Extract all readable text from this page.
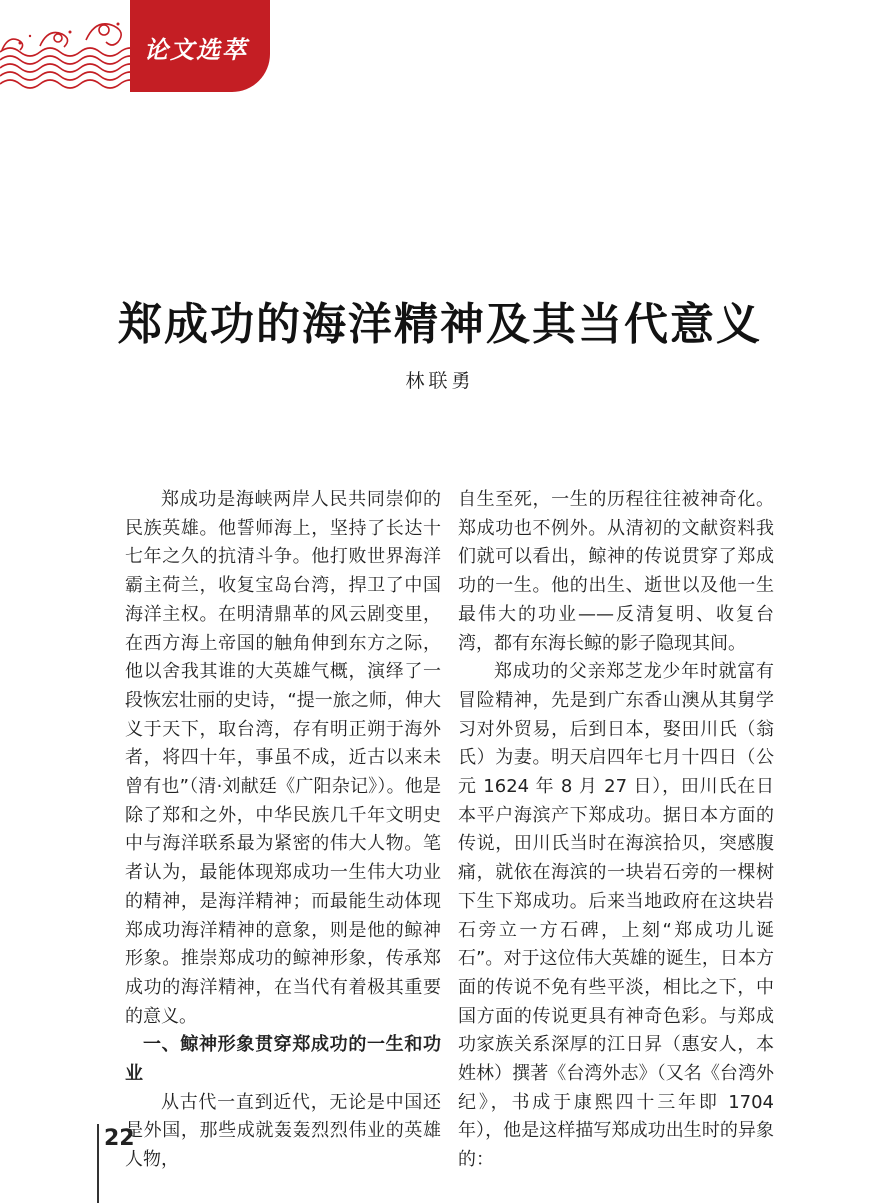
论文选萃
郑成功的海洋精神及其当代意义
林联勇

郑成功是海峡两岸人民共同崇仰的民族英雄。他誓师海上，坚持了长达十七年之久的抗清斗争。他打败世界海洋霸主荷兰，收复宝岛台湾，捍卫了中国海洋主权。在明清鼎革的风云剧变里，在西方海上帝国的触角伸到东方之际，他以舍我其谁的大英雄气概，演绎了一段恢宏壮丽的史诗，“提一旅之师，伸大义于天下，取台湾，存有明正朔于海外者，将四十年，事虽不成，近古以来未曾有也”（清·刘献廷《广阳杂记》）。他是除了郑和之外，中华民族几千年文明史中与海洋联系最为紧密的伟大人物。笔者认为，最能体现郑成功一生伟大功业的精神，是海洋精神；而最能生动体现郑成功海洋精神的意象，则是他的鲸神形象。推崇郑成功的鲸神形象，传承郑成功的海洋精神，在当代有着极其重要的意义。

一、鲸神形象贯穿郑成功的一生和功业

从古代一直到近代，无论是中国还是外国，那些成就轰轰烈烈伟业的英雄人物，

自生至死，一生的历程往往被神奇化。郑成功也不例外。从清初的文献资料我们就可以看出，鲸神的传说贯穿了郑成功的一生。他的出生、逝世以及他一生最伟大的功业——反清复明、收复台湾，都有东海长鲸的影子隐现其间。

郑成功的父亲郑芝龙少年时就富有冒险精神，先是到广东香山澳从其舅学习对外贸易，后到日本，娶田川氏（翁氏）为妻。明天启四年七月十四日（公元 1624 年 8 月 27 日），田川氏在日本平户海滨产下郑成功。据日本方面的传说，田川氏当时在海滨拾贝，突感腹痛，就依在海滨的一块岩石旁的一棵树下生下郑成功。后来当地政府在这块岩石旁立一方石碑，上刻“郑成功儿诞石”。对于这位伟大英雄的诞生，日本方面的传说不免有些平淡，相比之下，中国方面的传说更具有神奇色彩。与郑成功家族关系深厚的江日昇（惠安人，本姓林）撰著《台湾外志》（又名《台湾外纪》，书成于康熙四十三年即 1704 年），他是这样描写郑成功出生时的异象的：

22
